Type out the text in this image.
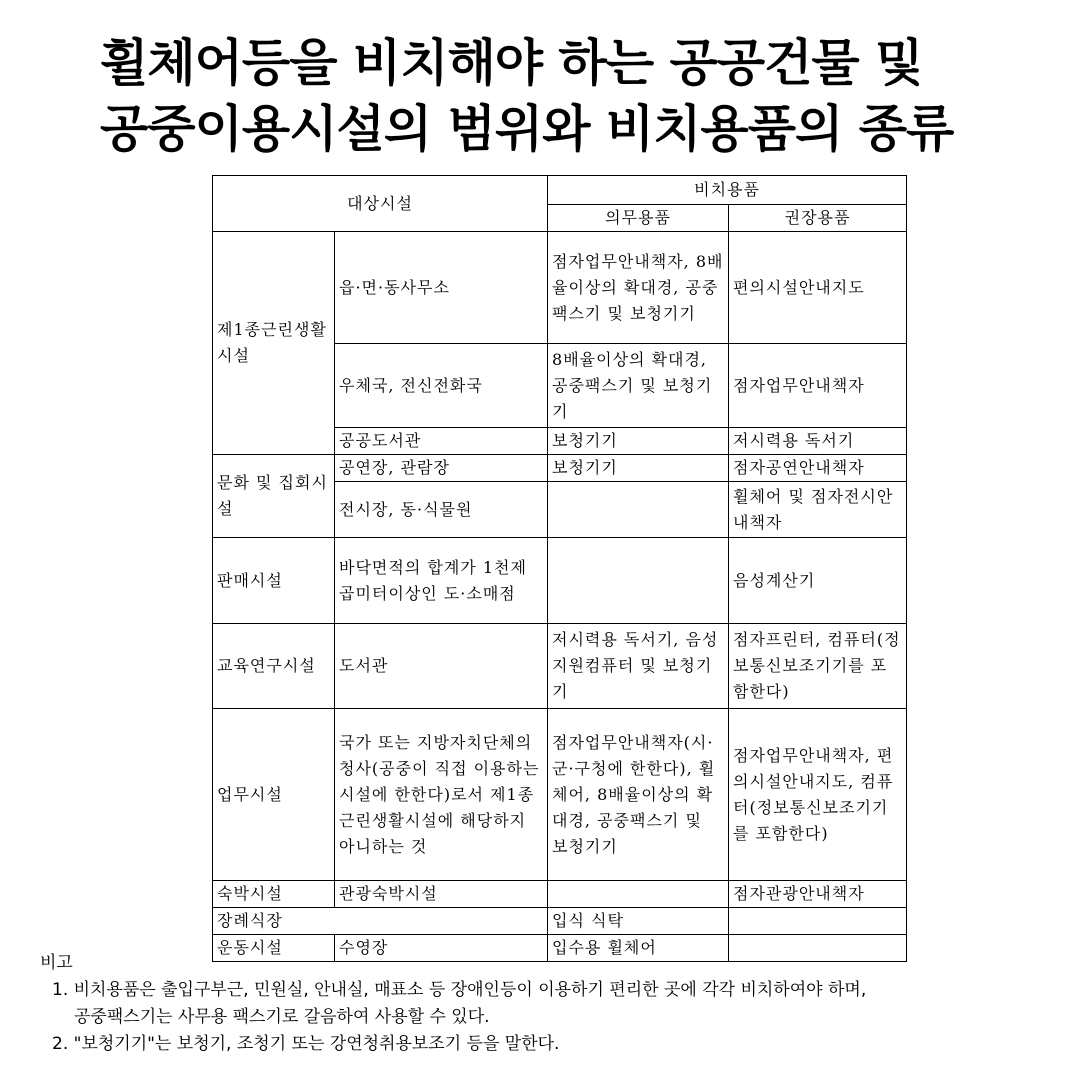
휠체어등을 비치해야 하는 공공건물 및
공중이용시설의 범위와 비치용품의 종류
대상시설		비치용품	
		의무용품	권장용품
제1종근린생활시설	읍·면·동사무소	점자업무안내책자, 8배율이상의 확대경, 공중팩스기 및 보청기기	편의시설안내지도
	우체국, 전신전화국	8배율이상의 확대경, 공중팩스기 및 보청기기	점자업무안내책자
	공공도서관	보청기기	저시력용 독서기
문화 및 집회시설	공연장, 관람장	보청기기	점자공연안내책자
	전시장, 동·식물원		휠체어 및 점자전시안내책자
판매시설	바닥면적의 합계가 1천제곱미터이상인 도·소매점		음성계산기
교육연구시설	도서관	저시력용 독서기, 음성지원컴퓨터 및 보청기기	점자프린터, 컴퓨터(정보통신보조기기를 포함한다)
업무시설	국가 또는 지방자치단체의 청사(공중이 직접 이용하는 시설에 한한다)로서 제1종 근린생활시설에 해당하지 아니하는 것	점자업무안내책자(시·군·구청에 한한다), 휠체어, 8배율이상의 확대경, 공중팩스기 및 보청기기	점자업무안내책자, 편의시설안내지도, 컴퓨터(정보통신보조기기를 포함한다)
숙박시설	관광숙박시설		점자관광안내책자
장례식장		입식 식탁	
운동시설	수영장	입수용 휠체어	
비고
1. 비치용품은 출입구부근, 민원실, 안내실, 매표소 등 장애인등이 이용하기 편리한 곳에 각각 비치하여야 하며,
공중팩스기는 사무용 팩스기로 갈음하여 사용할 수 있다.
2. "보청기기"는 보청기, 조청기 또는 강연청취용보조기 등을 말한다.
